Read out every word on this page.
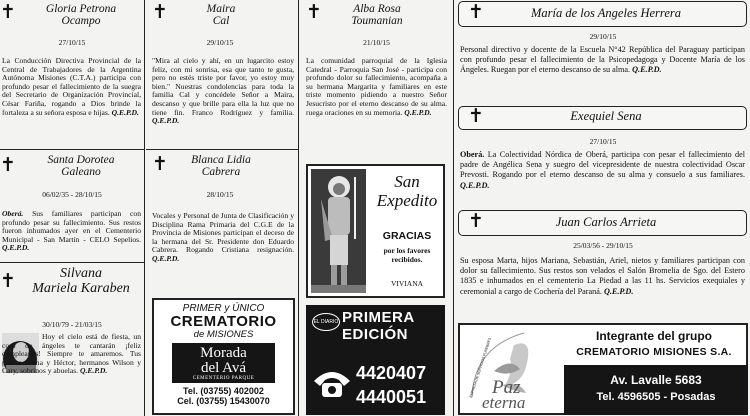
✝	Gloria Petrona
Ocampo
27/10/15
La Conducción Directiva Provincial de la Central de Trabajadores de la Argentina Autónoma Misiones (C.T.A.) participa con profundo pesar el fallecimiento de la suegra del Secretario de Organización Provincial, César Fariña, rogando a Dios brinde la fortaleza a su señora esposa e hijas. Q.E.P.D.
✝	Santa Dorotea
Galeano
06/02/35 - 28/10/15
Oberá. Sus familiares participan con profundo pesar su fallecimiento. Sus restos fueron inhumados ayer en el Cementerio Municipal - San Martín - CELO Sepelios. Q.E.P.D.
✝	Silvana
Mariela Karaben
30/10/79 - 21/03/15
Hoy el cielo está de fiesta, un coro de ángeles te cantarán ¡feliz cumpleaños! Siempre te amaremos. Tus padres Reina y Héctor, hermanos Wilson y Cary, sobrinos y abuelas. Q.E.P.D.
✝	Maira
Cal
29/10/15
"Mira al cielo y ahí, en un lugarcito estoy feliz, con mi sonrisa, esa que tanto te gusta, pero no estés triste por favor, yo estoy muy bien." Nuestras condolencias para toda la familia Cal y concédele Señor a Maira, descanso y que brille para ella la luz que no tiene fin. Franco Rodríguez y familia. Q.E.P.D.
✝	Blanca Lidia
Cabrera
28/10/15
Vocales y Personal de Junta de Clasificación y Disciplina Rama Primaria del C.G.E de la Provincia de Misiones participan el deceso de la hermana del Sr. Presidente don Eduardo Cabrera. Rogando Cristiana resignación. Q.E.P.D.
PRIMER y ÚNICO
CREMATORIO
de MISIONES
Morada
del Avá
CEMENTERIO PARQUE
Tel. (03755) 402002
Cel. (03755) 15430070
✝	Alba Rosa
Toumanian
21/10/15
La comunidad parroquial de la Iglesia Catedral - Parroquia San José - participa con profundo dolor su fallecimiento, acompaña a su hermana Margarita y familiares en este triste momento pidiendo a nuestro Señor Jesucristo por el eterno descanso de su alma. ruega oraciones en su memoria. Q.E.P.D.
San
Expedito
GRACIAS
por los favores
recibidos.
VIVIANA
EL DIARIO PRIMERA
EDICIÓN
4420407
4440051
✝	María de los Angeles Herrera
29/10/15
Personal directivo y docente de la Escuela N°42 República del Paraguay participan con profundo pesar el fallecimiento de la Psicopedagoga y Docente María de los Ángeles. Ruegan por el eterno descanso de su alma. Q.E.P.D.
✝	Exequiel Sena
27/10/15
Oberá. La Colectividad Nórdica de Oberá, participa con pesar el fallecimiento del padre de Angélica Sena y suegro del vicepresidente de nuestra colectividad Oscar Prevosti. Rogando por el eterno descanso de su alma y consuelo a sus familiares. Q.E.P.D.
✝	Juan Carlos Arrieta
25/03/56 - 29/10/15
Su esposa Marta, hijos Mariana, Sebastián, Ariel, nietos y familiares participan con dolor su fallecimiento. Sus restos son velados el Salón Bromelia de Sgo. del Estero 1835 e inhumados en el cementerio La Piedad a las 11 hs. Servicios exequiales y ceremonial a cargo de Cochería del Paraná. Q.E.P.D.
EMPRESA DE SERVICIOS FÚNEBRES Paz
eterna
Integrante del grupo
CREMATORIO MISIONES S.A.
Av. Lavalle 5683
Tel. 4596505 - Posadas
